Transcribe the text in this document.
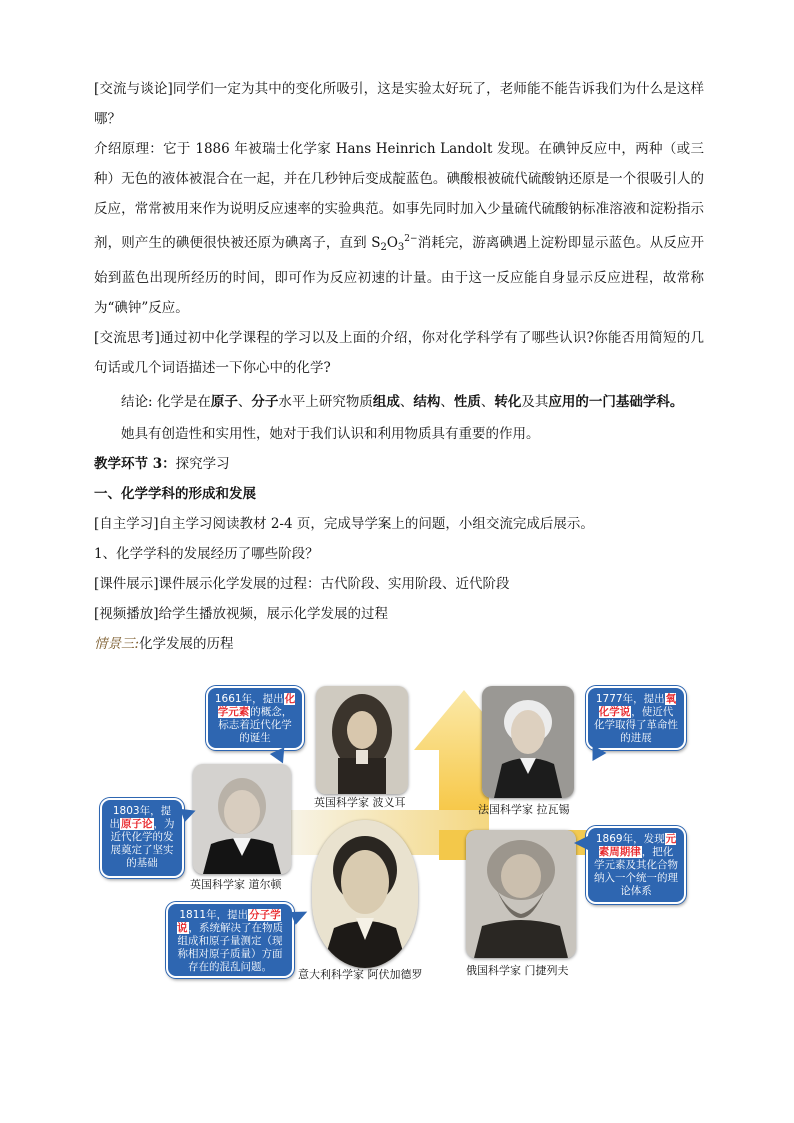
[交流与谈论]同学们一定为其中的变化所吸引，这是实验太好玩了，老师能不能告诉我们为什么是这样哪？

介绍原理：它于 1886 年被瑞士化学家 Hans Heinrich Landolt 发现。在碘钟反应中，两种（或三种）无色的液体被混合在一起，并在几秒钟后变成靛蓝色。碘酸根被硫代硫酸钠还原是一个很吸引人的反应，常常被用来作为说明反应速率的实验典范。如事先同时加入少量硫代硫酸钠标准溶液和淀粉指示剂，则产生的碘便很快被还原为碘离子，直到 $S_2O_3^{2-}$消耗完，游离碘遇上淀粉即显示蓝色。从反应开始到蓝色出现所经历的时间，即可作为反应初速的计量。由于这一反应能自身显示反应进程，故常称为“碘钟”反应。

[交流思考]通过初中化学课程的学习以及上面的介绍，你对化学科学有了哪些认识?你能否用简短的几句话或几个词语描述一下你心中的化学?

结论: 化学是在原子、分子水平上研究物质组成、结构、性质、转化及其应用的一门基础学科。

她具有创造性和实用性，她对于我们认识和利用物质具有重要的作用。

教学环节 3：探究学习

一、化学学科的形成和发展

[自主学习]自主学习阅读教材 2-4 页，完成导学案上的问题，小组交流完成后展示。

1、化学学科的发展经历了哪些阶段？

[课件展示]课件展示化学发展的过程：古代阶段、实用阶段、近代阶段

[视频播放]给学生播放视频，展示化学发展的过程

情景三:化学发展的历程

英国科学家 波义耳
法国科学家 拉瓦锡
英国科学家 道尔顿
意大利科学家 阿伏加德罗	俄国科学家 门捷列夫
1661年，提出化学元素的概念，标志着近代化学的诞生
1777年，提出氧化学说，使近代化学取得了革命性的进展
1803年，提出原子论，为近代化学的发展奠定了坚实的基础
1869年，发现元素周期律，把化学元素及其化合物纳入一个统一的理论体系
1811年，提出分子学说，系统解决了在物质组成和原子量测定（现称相对原子质量）方面存在的混乱问题。
